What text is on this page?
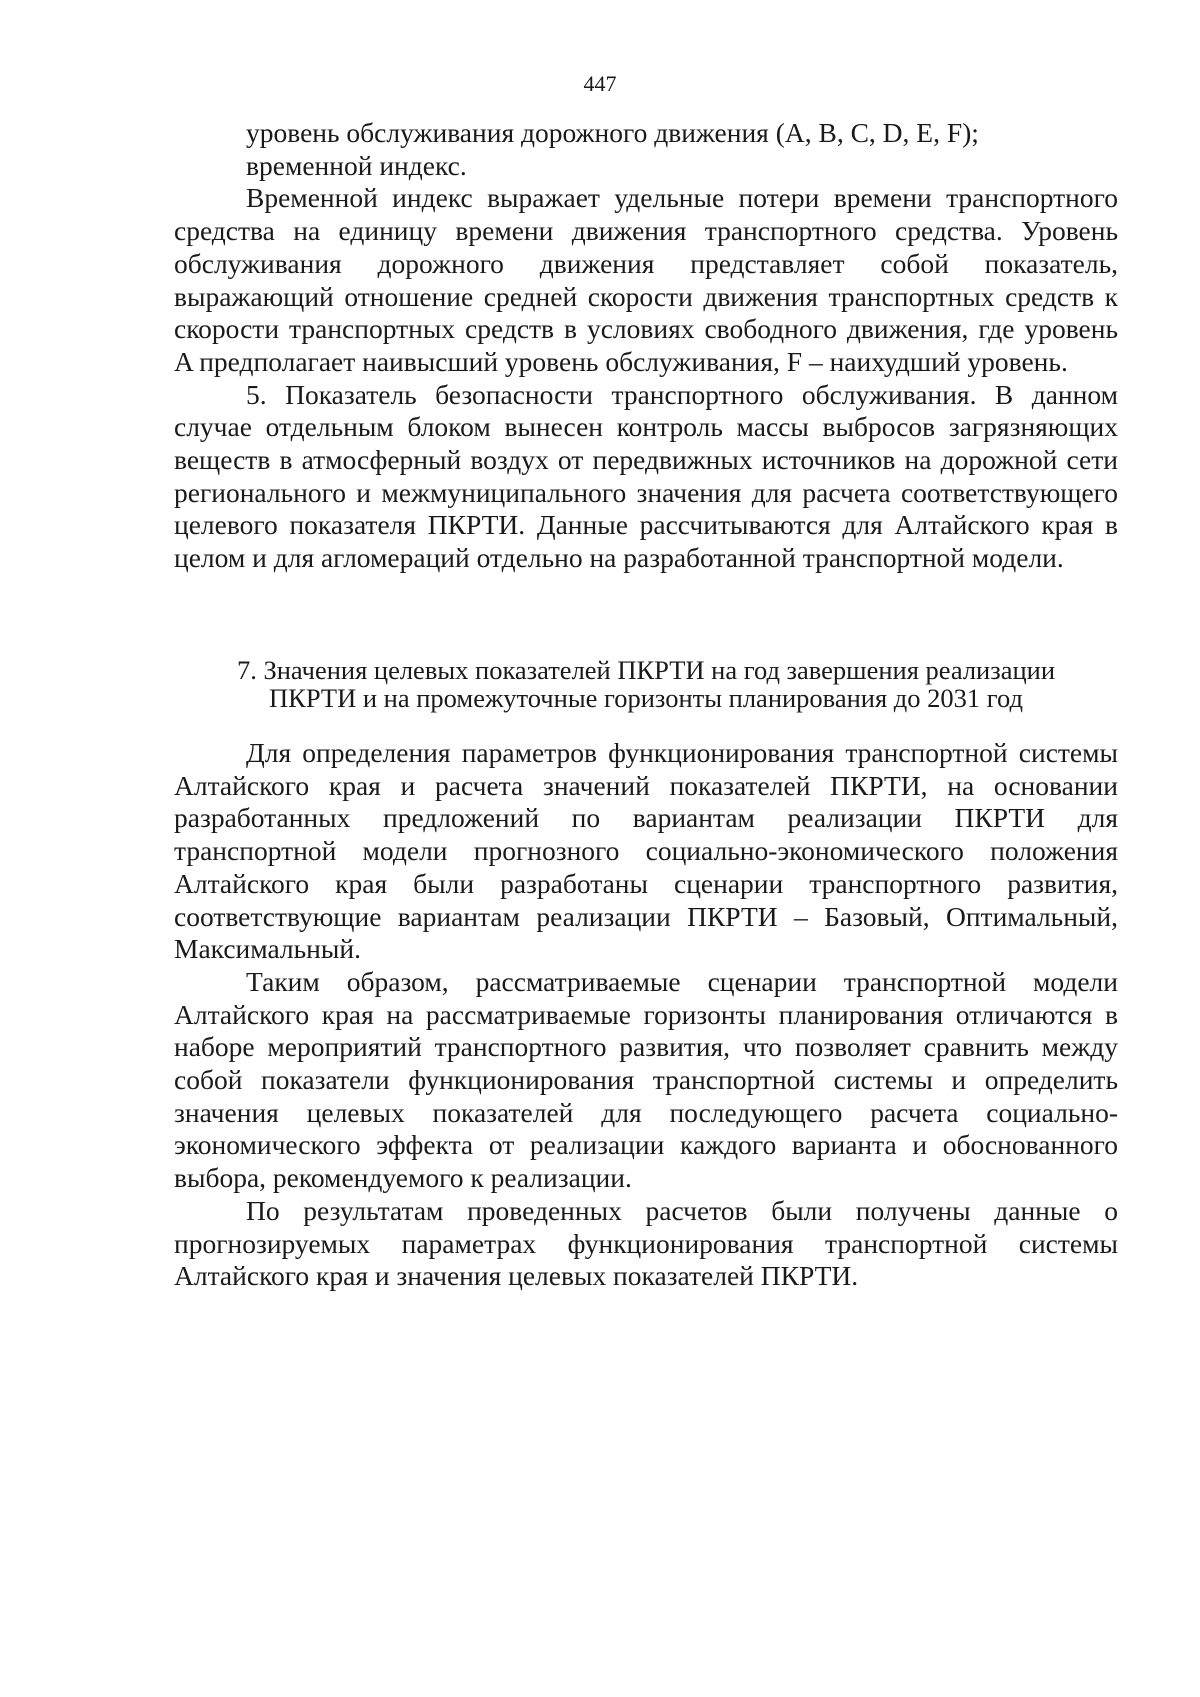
447

уровень обслуживания дорожного движения (A, B, C, D, E, F);

временной индекс.

Временной индекс выражает удельные потери времени транспортного средства на единицу времени движения транспортного средства. Уровень обслуживания дорожного движения представляет собой показатель, выражающий отношение средней скорости движения транспортных средств к скорости транспортных средств в условиях свободного движения, где уровень A предполагает наивысший уровень обслуживания, F – наихудший уровень.

5. Показатель безопасности транспортного обслуживания. В данном случае отдельным блоком вынесен контроль массы выбросов загрязняющих веществ в атмосферный воздух от передвижных источников на дорожной сети регионального и межмуниципального значения для расчета соответствующего целевого показателя ПКРТИ. Данные рассчитываются для Алтайского края в целом и для агломераций отдельно на разработанной транспортной модели.

7. Значения целевых показателей ПКРТИ на год завершения реализации

ПКРТИ и на промежуточные горизонты планирования до 2031 год

Для определения параметров функционирования транспортной системы Алтайского края и расчета значений показателей ПКРТИ, на основании разработанных предложений по вариантам реализации ПКРТИ для транспортной модели прогнозного социально-экономического положения Алтайского края были разработаны сценарии транспортного развития, соответствующие вариантам реализации ПКРТИ – Базовый, Оптимальный, Максимальный.

Таким образом, рассматриваемые сценарии транспортной модели Алтайского края на рассматриваемые горизонты планирования отличаются в наборе мероприятий транспортного развития, что позволяет сравнить между собой показатели функционирования транспортной системы и определить значения целевых показателей для последующего расчета социально-экономического эффекта от реализации каждого варианта и обоснованного выбора, рекомендуемого к реализации.

По результатам проведенных расчетов были получены данные о прогнозируемых параметрах функционирования транспортной системы Алтайского края и значения целевых показателей ПКРТИ.
